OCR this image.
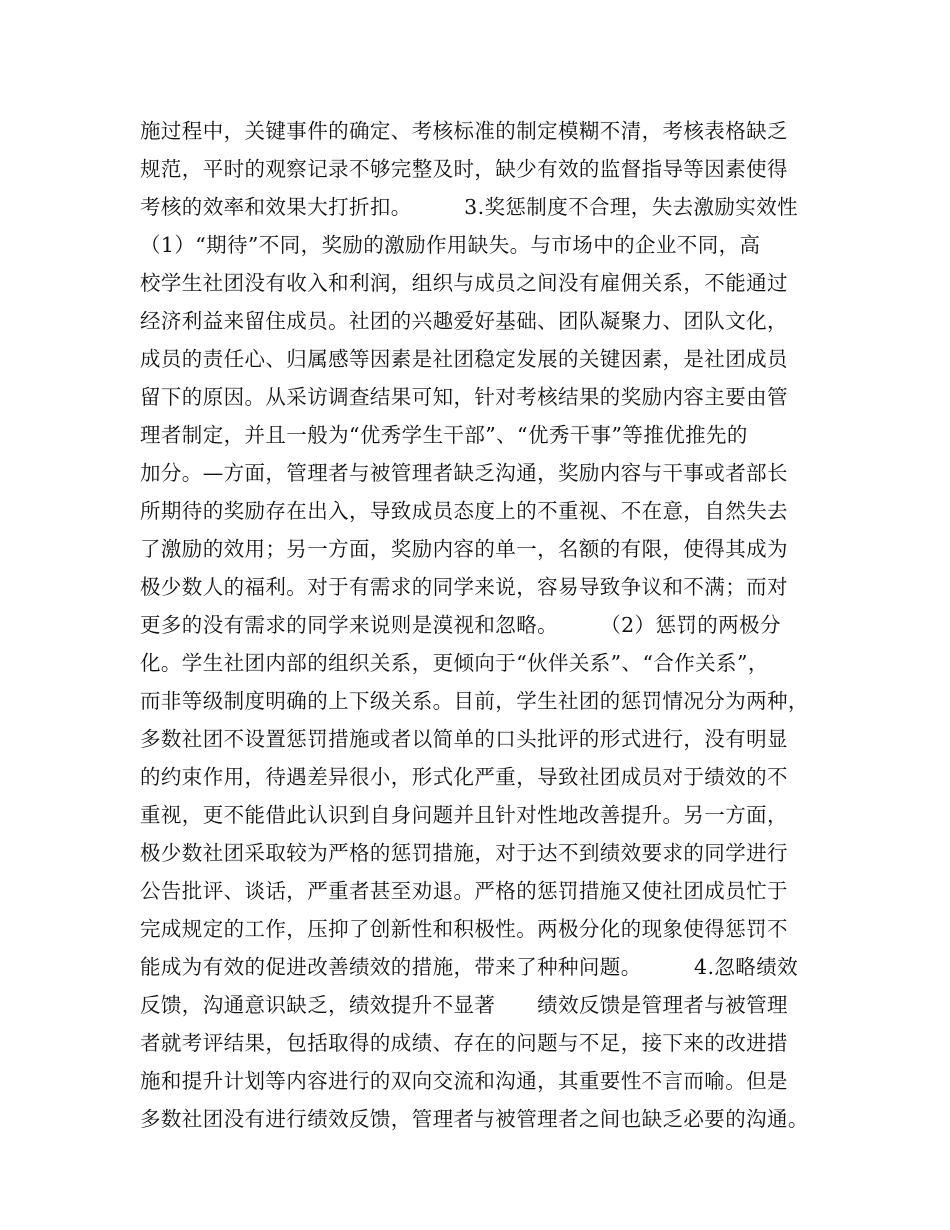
施过程中，关键事件的确定、考核标准的制定模糊不清，考核表格缺乏
规范，平时的观察记录不够完整及时，缺少有效的监督指导等因素使得
考核的效率和效果大打折扣。　　　3.奖惩制度不合理，失去激励实效性
（1）“期待”不同，奖励的激励作用缺失。与市场中的企业不同，高
校学生社团没有收入和利润，组织与成员之间没有雇佣关系，不能通过
经济利益来留住成员。社团的兴趣爱好基础、团队凝聚力、团队文化，
成员的责任心、归属感等因素是社团稳定发展的关键因素，是社团成员
留下的原因。从采访调查结果可知，针对考核结果的奖励内容主要由管
理者制定，并且一般为“优秀学生干部”、“优秀干事”等推优推先的
加分。—方面，管理者与被管理者缺乏沟通，奖励内容与干事或者部长
所期待的奖励存在出入，导致成员态度上的不重视、不在意，自然失去
了激励的效用；另一方面，奖励内容的单一，名额的有限，使得其成为
极少数人的福利。对于有需求的同学来说，容易导致争议和不满；而对
更多的没有需求的同学来说则是漠视和忽略。　　　（2）惩罚的两极分
化。学生社团内部的组织关系，更倾向于“伙伴关系”、“合作关系”，
而非等级制度明确的上下级关系。目前，学生社团的惩罚情况分为两种，
多数社团不设置惩罚措施或者以简单的口头批评的形式进行，没有明显
的约束作用，待遇差异很小，形式化严重，导致社团成员对于绩效的不
重视，更不能借此认识到自身问题并且针对性地改善提升。另一方面，
极少数社团采取较为严格的惩罚措施，对于达不到绩效要求的同学进行
公告批评、谈话，严重者甚至劝退。严格的惩罚措施又使社团成员忙于
完成规定的工作，压抑了创新性和积极性。两极分化的现象使得惩罚不
能成为有效的促进改善绩效的措施，带来了种种问题。　　　4.忽略绩效
反馈，沟通意识缺乏，绩效提升不显著　　绩效反馈是管理者与被管理
者就考评结果，包括取得的成绩、存在的问题与不足，接下来的改进措
施和提升计划等内容进行的双向交流和沟通，其重要性不言而喻。但是
多数社团没有进行绩效反馈，管理者与被管理者之间也缺乏必要的沟通。
